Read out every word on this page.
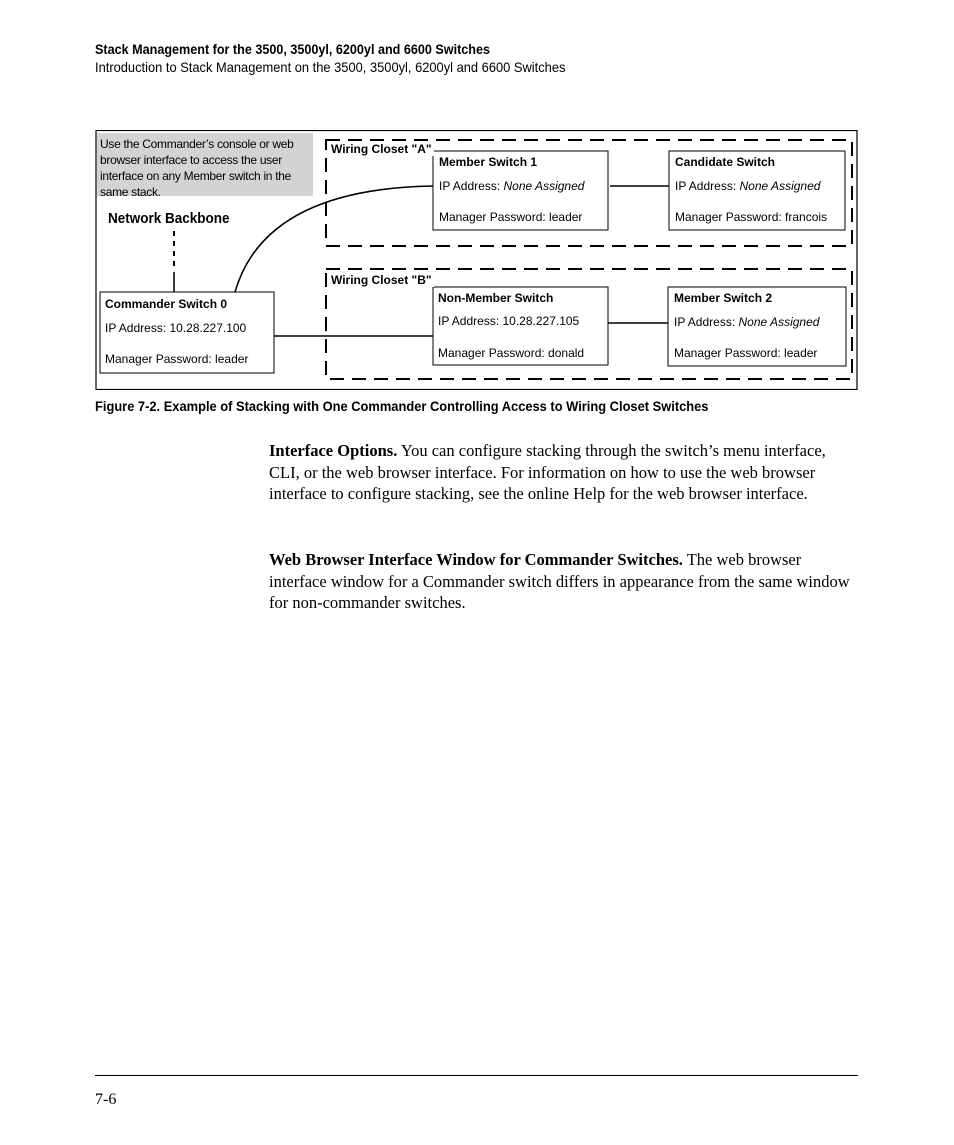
Stack Management for the 3500, 3500yl, 6200yl and 6600 Switches
Introduction to Stack Management on the 3500, 3500yl, 6200yl and 6600 Switches
Use the Commander’s console or web browser interface to access the user interface on any Member switch in the same stack.
Network Backbone
Wiring Closet "A"
Wiring Closet "B"
Commander Switch 0
IP Address: 10.28.227.100
Manager Password: leader
Member Switch 1
IP Address: None Assigned
Manager Password: leader
Candidate Switch
IP Address: None Assigned
Manager Password: francois
Non-Member Switch
IP Address: 10.28.227.105
Manager Password: donald
Member Switch 2
IP Address: None Assigned
Manager Password: leader
Figure 7-2. Example of Stacking with One Commander Controlling Access to Wiring Closet Switches
Interface Options. You can configure stacking through the switch’s menu interface, CLI, or the web browser interface. For information on how to use the web browser interface to configure stacking, see the online Help for the web browser interface.
Web Browser Interface Window for Commander Switches. The web browser interface window for a Commander switch differs in appearance from the same window for non-commander switches.
7-6
